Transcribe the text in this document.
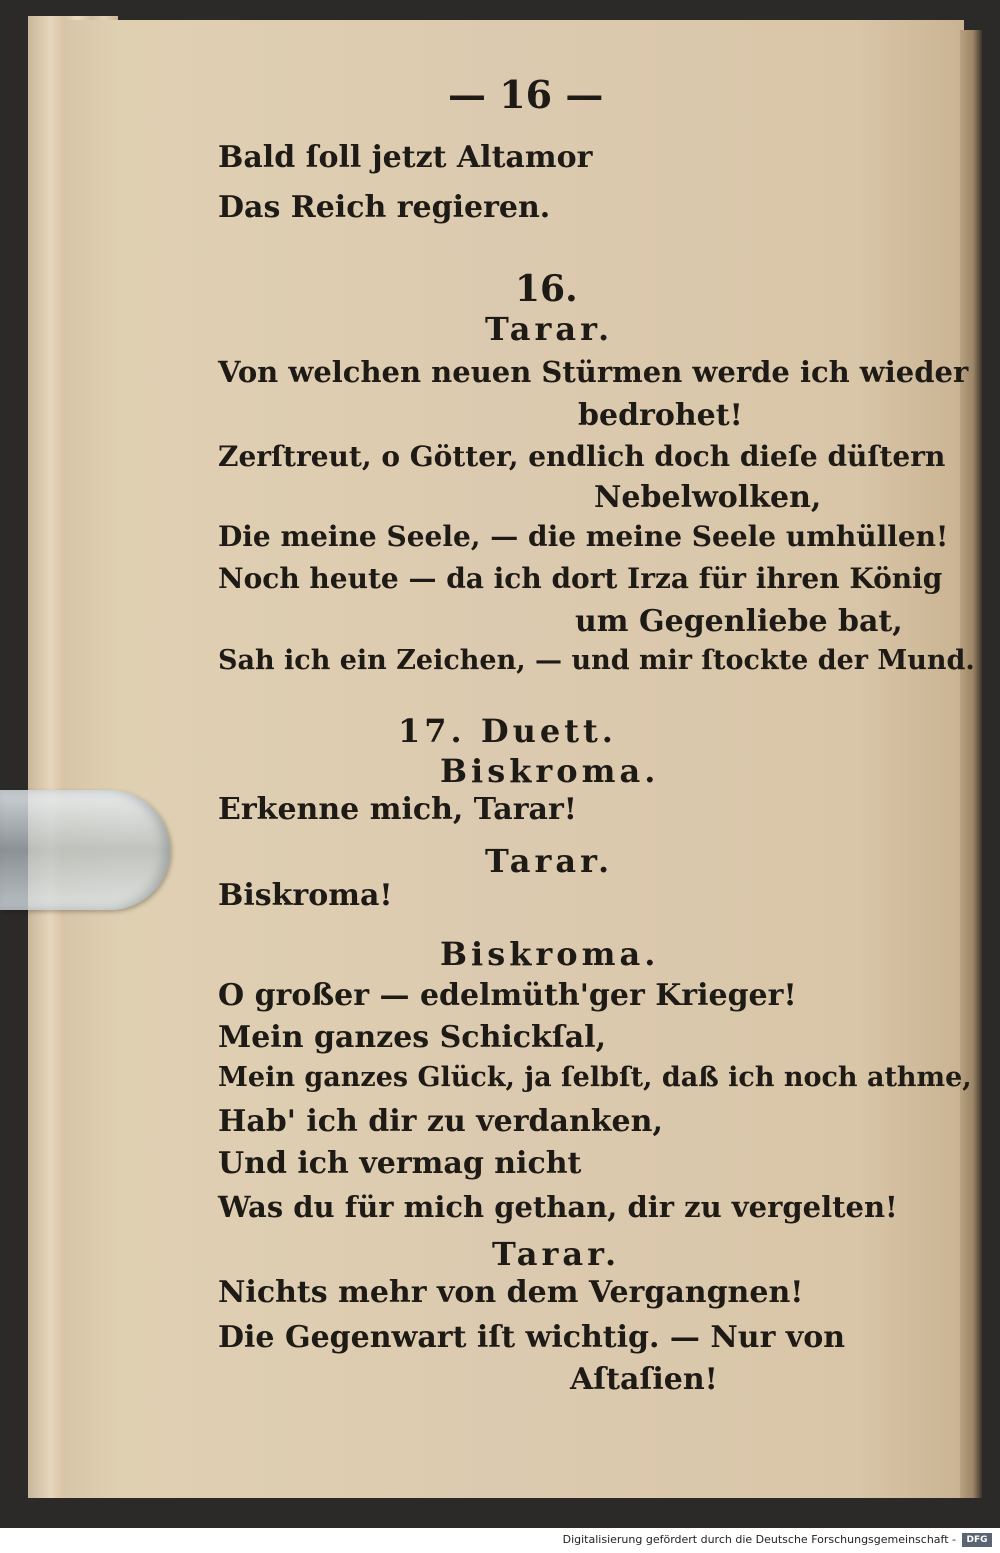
— 16 —
Bald ſoll jetzt Altamor
Das Reich regieren.
16.
Tarar.
Von welchen neuen Stürmen werde ich wieder
bedrohet!
Zerſtreut, o Götter, endlich doch dieſe düſtern
Nebelwolken,
Die meine Seele, — die meine Seele umhüllen!
Noch heute — da ich dort Irza für ihren König
um Gegenliebe bat,
Sah ich ein Zeichen, — und mir ſtockte der Mund.
17. Duett.
Biskroma.
Erkenne mich, Tarar!
Tarar.
Biskroma!
Biskroma.
O großer — edelmüth'ger Krieger!
Mein ganzes Schickſal,
Mein ganzes Glück, ja ſelbſt, daß ich noch athme,
Hab' ich dir zu verdanken,
Und ich vermag nicht
Was du für mich gethan, dir zu vergelten!
Tarar.
Nichts mehr von dem Vergangnen!
Die Gegenwart iſt wichtig. — Nur von
Aſtaſien!
Digitalisierung gefördert durch die Deutsche Forschungsgemeinschaft -	DFG
